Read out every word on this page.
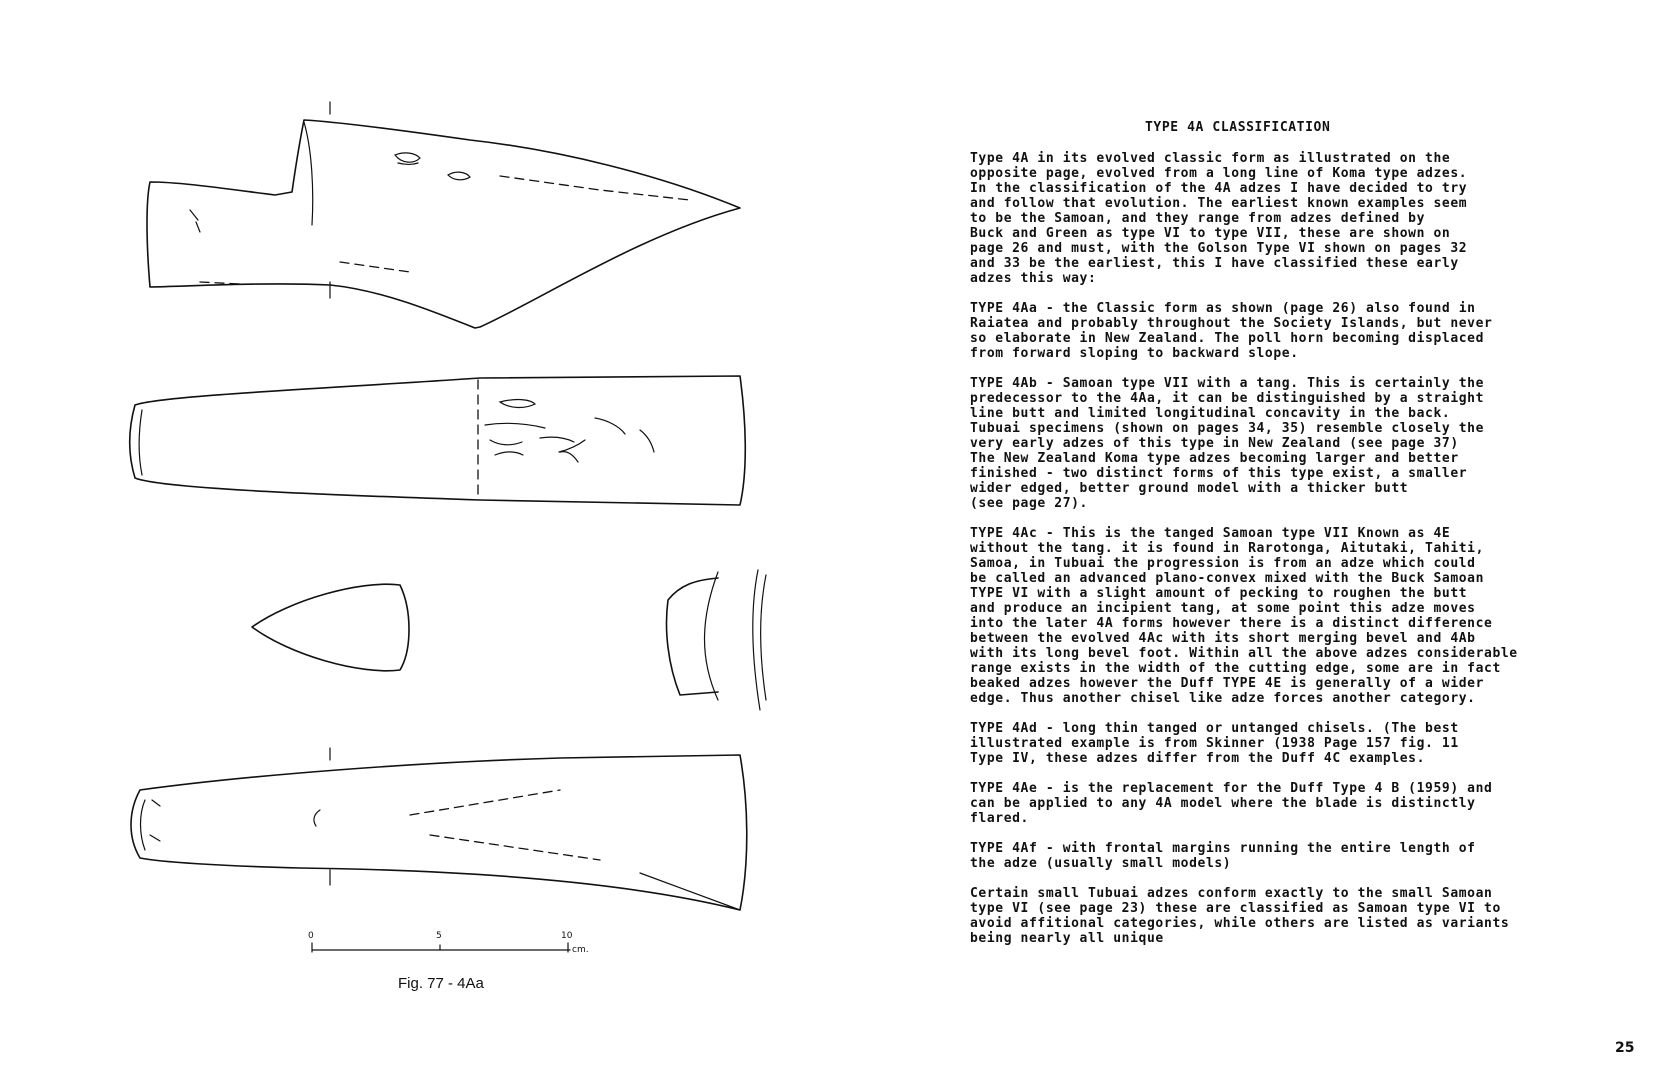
0	5	10
cm.
Fig. 77 - 4Aa
TYPE 4A CLASSIFICATION
Type 4A in its evolved classic form as illustrated on the
opposite page, evolved from a long line of Koma type adzes.
In the classification of the 4A adzes I have decided to try
and follow that evolution. The earliest known examples seem
to be the Samoan, and they range from adzes defined by
Buck and Green as type VI to type VII, these are shown on
page 26 and must, with the Golson Type VI shown on pages 32
and 33 be the earliest, this I have classified these early
adzes this way:
TYPE 4Aa - the Classic form as shown (page 26) also found in
Raiatea and probably throughout the Society Islands, but never
so elaborate in New Zealand. The poll horn becoming displaced
from forward sloping to backward slope.
TYPE 4Ab - Samoan type VII with a tang. This is certainly the
predecessor to the 4Aa, it can be distinguished by a straight
line butt and limited longitudinal concavity in the back.
Tubuai specimens (shown on pages 34, 35) resemble closely the
very early adzes of this type in New Zealand (see page 37)
The New Zealand Koma type adzes becoming larger and better
finished - two distinct forms of this type exist, a smaller
wider edged, better ground model with a thicker butt
(see page 27).
TYPE 4Ac - This is the tanged Samoan type VII Known as 4E
without the tang. it is found in Rarotonga, Aitutaki, Tahiti,
Samoa, in Tubuai the progression is from an adze which could
be called an advanced plano-convex mixed with the Buck Samoan
TYPE VI with a slight amount of pecking to roughen the butt
and produce an incipient tang, at some point this adze moves
into the later 4A forms however there is a distinct difference
between the evolved 4Ac with its short merging bevel and 4Ab
with its long bevel foot. Within all the above adzes considerable
range exists in the width of the cutting edge, some are in fact
beaked adzes however the Duff TYPE 4E is generally of a wider
edge. Thus another chisel like adze forces another category.
TYPE 4Ad - long thin tanged or untanged chisels. (The best
illustrated example is from Skinner (1938 Page 157 fig. 11
Type IV, these adzes differ from the Duff 4C examples.
TYPE 4Ae - is the replacement for the Duff Type 4 B (1959) and
can be applied to any 4A model where the blade is distinctly
flared.
TYPE 4Af - with frontal margins running the entire length of
the adze (usually small models)
Certain small Tubuai adzes conform exactly to the small Samoan
type VI (see page 23) these are classified as Samoan type VI to
avoid affitional categories, while others are listed as variants
being nearly all unique
25
